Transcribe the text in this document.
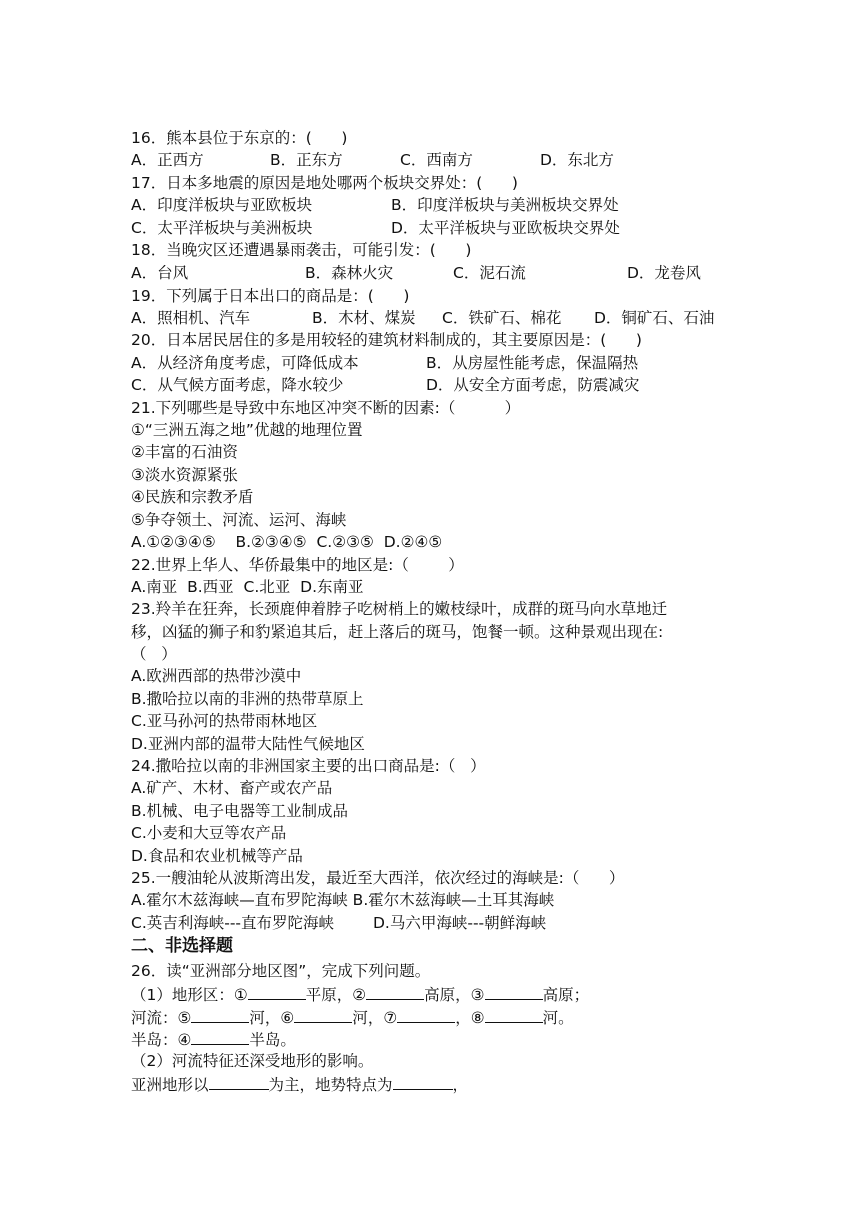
16．熊本县位于东京的：(      )
A．正西方	B．正东方	C．西南方	D．东北方
17．日本多地震的原因是地处哪两个板块交界处：(      )
A．印度洋板块与亚欧板块	B．印度洋板块与美洲板块交界处
C．太平洋板块与美洲板块	D．太平洋板块与亚欧板块交界处
18．当晚灾区还遭遇暴雨袭击，可能引发：(      )
A．台风	B．森林火灾	C．泥石流	D．龙卷风
19．下列属于日本出口的商品是：(      )
A．照相机、汽车	B．木材、煤炭 C．铁矿石、棉花 D．铜矿石、石油
20．日本居民居住的多是用较轻的建筑材料制成的，其主要原因是：(      )
A．从经济角度考虑，可降低成本	B．从房屋性能考虑，保温隔热
C．从气候方面考虑，降水较少	D．从安全方面考虑，防震减灾
21.下列哪些是导致中东地区冲突不断的因素:（          ）
①“三洲五海之地”优越的地理位置
②丰富的石油资
③淡水资源紧张
④民族和宗教矛盾
⑤争夺领土、河流、运河、海峡
A.①②③④⑤    B.②③④⑤  C.②③⑤  D.②④⑤
22.世界上华人、华侨最集中的地区是:（        ）
A.南亚  B.西亚  C.北亚  D.东南亚
23.羚羊在狂奔，长颈鹿伸着脖子吃树梢上的嫩枝绿叶，成群的斑马向水草地迁
移，凶猛的狮子和豹紧追其后，赶上落后的斑马，饱餐一顿。这种景观出现在:
（   ）
A.欧洲西部的热带沙漠中
B.撒哈拉以南的非洲的热带草原上
C.亚马孙河的热带雨林地区
D.亚洲内部的温带大陆性气候地区
24.撒哈拉以南的非洲国家主要的出口商品是:（   ）
A.矿产、木材、畜产或农产品
B.机械、电子电器等工业制成品
C.小麦和大豆等农产品
D.食品和农业机械等产品
25.一艘油轮从波斯湾出发，最近至大西洋，依次经过的海峡是:（      ）
A.霍尔木兹海峡—直布罗陀海峡 B.霍尔木兹海峡—土耳其海峡
C.英吉利海峡---直布罗陀海峡	D.马六甲海峡---朝鲜海峡
二、非选择题
26．读“亚洲部分地区图”，完成下列问题。
（1）地形区：①	平原，②	高原，③	高原；
河流：⑤	河，⑥	河，⑦	，⑧	河。
半岛：④	半岛。
（2）河流特征还深受地形的影响。
亚洲地形以	为主，地势特点为	，
